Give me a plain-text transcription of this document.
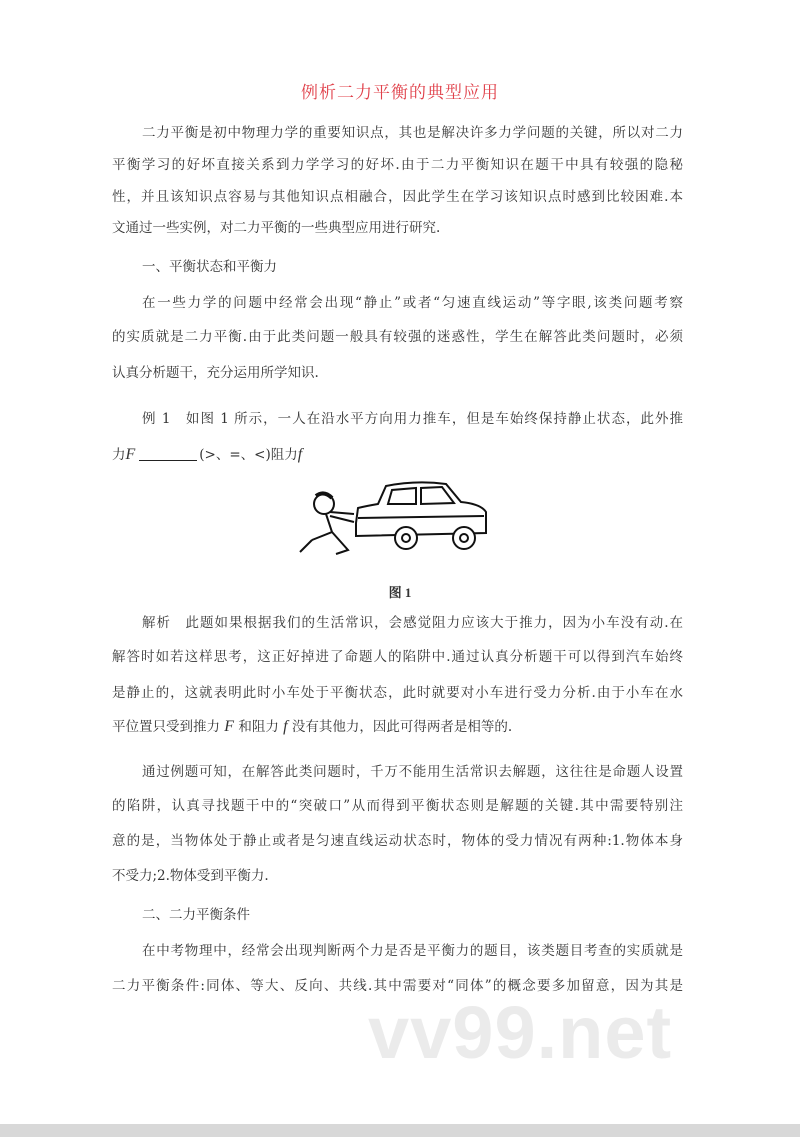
例析二力平衡的典型应用
二力平衡是初中物理力学的重要知识点，其也是解决许多力学问题的关键，所以对二力
平衡学习的好坏直接关系到力学学习的好坏.由于二力平衡知识在题干中具有较强的隐秘
性，并且该知识点容易与其他知识点相融合，因此学生在学习该知识点时感到比较困难.本
文通过一些实例，对二力平衡的一些典型应用进行研究.
一、平衡状态和平衡力
在一些力学的问题中经常会出现“静止”或者“匀速直线运动”等字眼,该类问题考察
的实质就是二力平衡.由于此类问题一般具有较强的迷惑性，学生在解答此类问题时，必须
认真分析题干，充分运用所学知识.
例 1　如图 1 所示，一人在沿水平方向用力推车，但是车始终保持静止状态，此外推
力F	(>、=、<)阻力f
图 1
解析　此题如果根据我们的生活常识，会感觉阻力应该大于推力，因为小车没有动.在
解答时如若这样思考，这正好掉进了命题人的陷阱中.通过认真分析题干可以得到汽车始终
是静止的，这就表明此时小车处于平衡状态，此时就要对小车进行受力分析.由于小车在水
平位置只受到推力 F 和阻力 f 没有其他力，因此可得两者是相等的.
通过例题可知，在解答此类问题时，千万不能用生活常识去解题，这往往是命题人设置
的陷阱，认真寻找题干中的“突破口”从而得到平衡状态则是解题的关键.其中需要特别注
意的是，当物体处于静止或者是匀速直线运动状态时，物体的受力情况有两种:1.物体本身
不受力;2.物体受到平衡力.
二、二力平衡条件
在中考物理中，经常会出现判断两个力是否是平衡力的题目，该类题目考查的实质就是
二力平衡条件:同体、等大、反向、共线.其中需要对“同体”的概念要多加留意，因为其是
vv99.net
